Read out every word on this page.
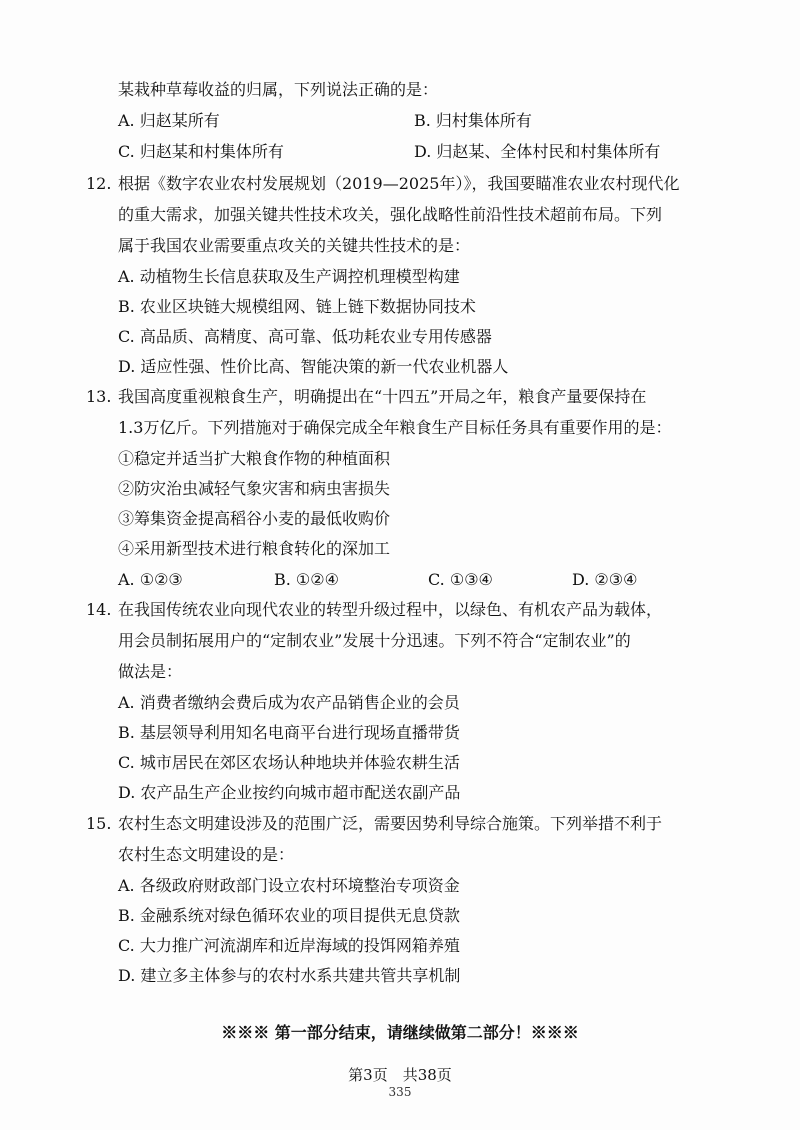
某栽种草莓收益的归属，下列说法正确的是：
A. 归赵某所有	B. 归村集体所有
C. 归赵某和村集体所有	D. 归赵某、全体村民和村集体所有
12. 根据《数字农业农村发展规划（2019—2025年）》，我国要瞄准农业农村现代化
的重大需求，加强关键共性技术攻关，强化战略性前沿性技术超前布局。下列
属于我国农业需要重点攻关的关键共性技术的是：
A. 动植物生长信息获取及生产调控机理模型构建
B. 农业区块链大规模组网、链上链下数据协同技术
C. 高品质、高精度、高可靠、低功耗农业专用传感器
D. 适应性强、性价比高、智能决策的新一代农业机器人
13. 我国高度重视粮食生产，明确提出在“十四五”开局之年，粮食产量要保持在
1.3万亿斤。下列措施对于确保完成全年粮食生产目标任务具有重要作用的是：
①稳定并适当扩大粮食作物的种植面积
②防灾治虫减轻气象灾害和病虫害损失
③筹集资金提高稻谷小麦的最低收购价
④采用新型技术进行粮食转化的深加工
A. ①②③	B. ①②④	C. ①③④	D. ②③④
14. 在我国传统农业向现代农业的转型升级过程中，以绿色、有机农产品为载体，
用会员制拓展用户的“定制农业”发展十分迅速。下列不符合“定制农业”的
做法是：
A. 消费者缴纳会费后成为农产品销售企业的会员
B. 基层领导利用知名电商平台进行现场直播带货
C. 城市居民在郊区农场认种地块并体验农耕生活
D. 农产品生产企业按约向城市超市配送农副产品
15. 农村生态文明建设涉及的范围广泛，需要因势利导综合施策。下列举措不利于
农村生态文明建设的是：
A. 各级政府财政部门设立农村环境整治专项资金
B. 金融系统对绿色循环农业的项目提供无息贷款
C. 大力推广河流湖库和近岸海域的投饵网箱养殖
D. 建立多主体参与的农村水系共建共管共享机制
※※※ 第一部分结束，请继续做第二部分！※※※
第3页　共38页
335
